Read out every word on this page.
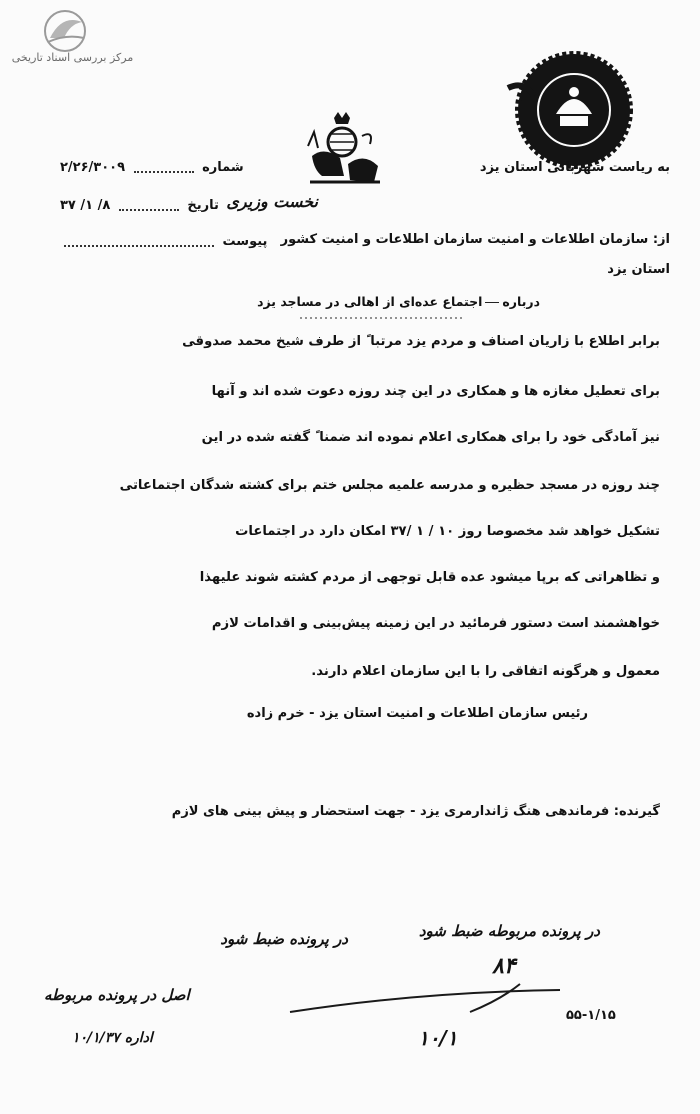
مرکز بررسی اسناد تاریخی
به ریاست شهربانی استان یزد
نخست وزیری
از: سازمان اطلاعات و امنیت سازمان اطلاعات و امنیت کشور
استان یزد
شماره  ۲/۲۶/۳۰۰۹
تاریخ  ۸/ ۱/ ۳۷
پیوست
دربارهاجتماع عده‌ای از اهالی در مساجد یزد
برابر اطلاع با زاریان اصناف و مردم یزد مرتبا ً از طرف شیخ محمد صدوقی
برای تعطیل مغازه ها و همکاری در این چند روزه دعوت شده اند و آنها
نیز آمادگی خود را برای همکاری اعلام نموده اند ضمنا ً گفته شده در این
چند روزه در مسجد حظیره و مدرسه علمیه مجلس ختم برای کشته شدگان اجتماعاتی
تشکیل خواهد شد مخصوصا روز ۱۰ / ۱ /۳۷ امکان دارد در اجتماعات
و تظاهراتی که برپا میشود عده قابل توجهی از مردم کشته شوند علیهذا
خواهشمند است دستور فرمائید در این زمینه پیش‌بینی و اقدامات لازم
معمول و هرگونه اتفاقی را با این سازمان اعلام دارند.
رئیس سازمان اطلاعات و امنیت استان یزد - خرم زاده
گیرنده: فرماندهی هنگ ژاندارمری یزد - جهت استحضار و پیش بینی های لازم
در پرونده مربوطه ضبط شود
در پرونده ضبط شود
اصل در پرونده مربوطه
اداره ۱۰/۱/۳۷
۸۴
۱۰/۱
۵۵-۱/۱۵
